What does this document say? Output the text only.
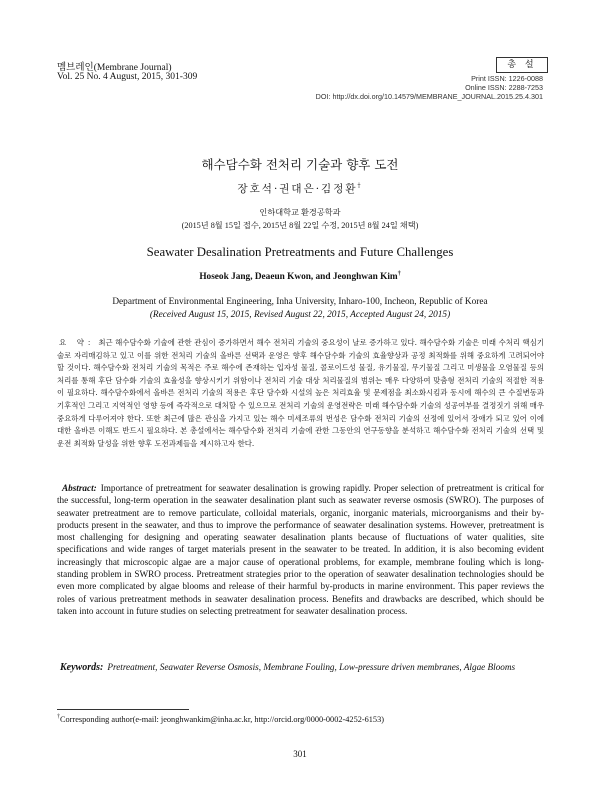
멤브레인(Membrane Journal)
Vol. 25 No. 4 August, 2015, 301-309
총 설
Print ISSN: 1226-0088
Online ISSN: 2288-7253
DOI: http://dx.doi.org/10.14579/MEMBRANE_JOURNAL.2015.25.4.301
해수담수화 전처리 기술과 향후 도전
장호석·권대은·김정환†
인하대학교 환경공학과
(2015년 8월 15일 접수, 2015년 8월 22일 수정, 2015년 8월 24일 채택)
Seawater Desalination Pretreatments and Future Challenges
Hoseok Jang, Deaeun Kwon, and Jeonghwan Kim†
Department of Environmental Engineering, Inha University, Inharo-100, Incheon, Republic of Korea
(Received August 15, 2015, Revised August 22, 2015, Accepted August 24, 2015)
요 약: 최근 해수담수화 기술에 관한 관심이 증가하면서 해수 전처리 기술의 중요성이 날로 증가하고 있다. 해수담수화 기술은 미래 수처리 핵심기술로 자리매김하고 있고 이를 위한 전처리 기술의 올바른 선택과 운영은 향후 해수담수화 기술의 효율향상과 공정 최적화를 위해 중요하게 고려되어야 할 것이다. 해수담수화 전처리 기술의 목적은 주로 해수에 존재하는 입자성 물질, 콜로이드성 물질, 유기물질, 무기물질 그리고 미생물을 오염물질 등의 처리를 통해 후단 담수화 기술의 효율성을 향상시키기 위함이나 전처리 기술 대상 처리물질의 범위는 매우 다양하여 맞춤형 전처리 기술의 적절한 적용이 필요하다. 해수담수화에서 올바른 전처리 기술의 적용은 후단 담수화 시설의 높은 처리효율 및 문제점을 최소화시킴과 동시에 해수의 큰 수질변동과 기후적인 그리고 지역적인 영향 등에 즉각적으로 대처할 수 있으므로 전처리 기술의 운영전략은 미래 해수담수화 기술의 성공여부를 결정짓기 위해 매우 중요하게 다루어져야 한다. 또한 최근에 많은 관심을 가지고 있는 해수 미세조류의 번성은 담수화 전처리 기술의 선정에 있어서 장애가 되고 있어 이에 대한 올바른 이해도 반드시 필요하다. 본 총설에서는 해수담수화 전처리 기술에 관한 그동안의 연구동향을 분석하고 해수담수화 전처리 기술의 선택 및 운전 최적화 달성을 위한 향후 도전과제들을 제시하고자 한다.
Abstract: Importance of pretreatment for seawater desalination is growing rapidly. Proper selection of pretreatment is critical for the successful, long-term operation in the seawater desalination plant such as seawater reverse osmosis (SWRO). The purposes of seawater pretreatment are to remove particulate, colloidal materials, organic, inorganic materials, microorganisms and their by-products present in the seawater, and thus to improve the performance of seawater desalination systems. However, pretreatment is most challenging for designing and operating seawater desalination plants because of fluctuations of water qualities, site specifications and wide ranges of target materials present in the seawater to be treated. In addition, it is also becoming evident increasingly that microscopic algae are a major cause of operational problems, for example, membrane fouling which is long-standing problem in SWRO process. Pretreatment strategies prior to the operation of seawater desalination technologies should be even more complicated by algae blooms and release of their harmful by-products in marine environment. This paper reviews the roles of various pretreatment methods in seawater desalination process. Benefits and drawbacks are described, which should be taken into account in future studies on selecting pretreatment for seawater desalination process.
Keywords: Pretreatment, Seawater Reverse Osmosis, Membrane Fouling, Low-pressure driven membranes, Algae Blooms
†Corresponding author(e-mail: jeonghwankim@inha.ac.kr, http://orcid.org/0000-0002-4252-6153)
301
